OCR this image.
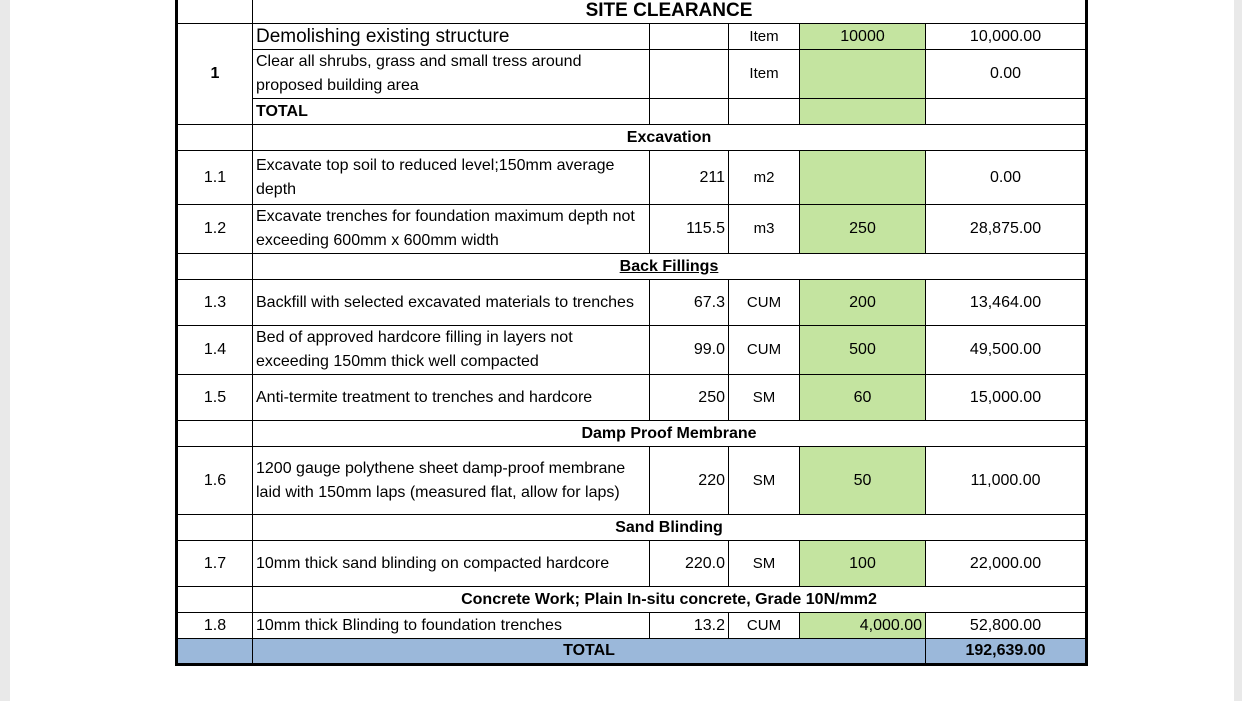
	SITE CLEARANCE				
1	Demolishing existing structure		Item	10000	10,000.00
	Clear all shrubs, grass and small tress around proposed building area		Item		0.00
	TOTAL				
	Excavation				
1.1	Excavate top soil to reduced level;150mm average depth	211	m2		0.00
1.2	Excavate trenches for foundation maximum depth not exceeding 600mm x 600mm width	115.5	m3	250	28,875.00
	Back Fillings				
1.3	Backfill with selected excavated materials to trenches	67.3	CUM	200	13,464.00
1.4	Bed of approved hardcore filling in layers not exceeding 150mm thick well compacted	99.0	CUM	500	49,500.00
1.5	Anti-termite treatment to trenches and hardcore	250	SM	60	15,000.00
	Damp Proof Membrane				
1.6	1200 gauge polythene sheet damp-proof membrane laid with 150mm laps (measured flat, allow for laps)	220	SM	50	11,000.00
	Sand Blinding				
1.7	10mm thick sand blinding on compacted hardcore	220.0	SM	100	22,000.00
	Concrete Work; Plain In-situ concrete, Grade 10N/mm2				
1.8	10mm thick Blinding to foundation trenches	13.2	CUM	4,000.00	52,800.00
	TOTAL				192,639.00
